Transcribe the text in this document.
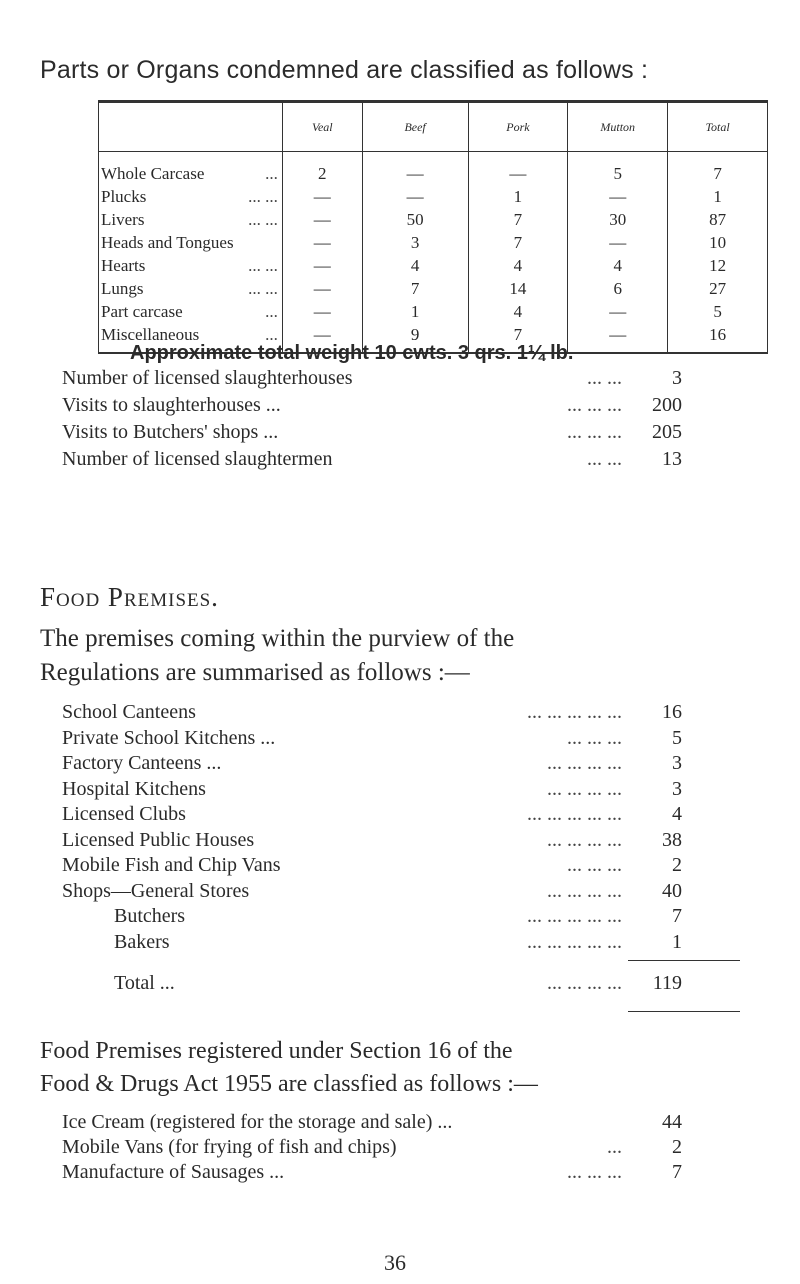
Parts or Organs condemned are classified as follows :
	Veal	Beef	Pork	Mutton	Total
Whole Carcase ...	2	—	—	5	7
Plucks ... ...	—	—	1	—	1
Livers ... ...	—	50	7	30	87
Heads and Tongues	—	3	7	—	10
Hearts ... ...	—	4	4	4	12
Lungs ... ...	—	7	14	6	27
Part carcase ...	—	1	4	—	5
Miscellaneous ...	—	9	7	—	16
Approximate total weight 10 cwts. 3 qrs. 1¼ lb.
Number of licensed slaughterhouses	... ...	3
Visits to slaughterhouses ...	... ... ... 200
Visits to Butchers' shops ...	... ... ... 205
Number of licensed slaughtermen	... ... 13
Food Premises.
The premises coming within the purview of the
Regulations are summarised as follows :—
School Canteens	... ... ... ... ... 16
Private School Kitchens ...	... ... ...	5
Factory Canteens ...	... ... ... ...	3
Hospital Kitchens	... ... ... ...	3
Licensed Clubs	... ... ... ... ...	4
Licensed Public Houses	... ... ... ... 38
Mobile Fish and Chip Vans	... ... ...	2
Shops—General Stores	... ... ... ... 40
Butchers	... ... ... ... ...	7
Bakers	... ... ... ... ...	1
Total ...	... ... ... ... 119
Food Premises registered under Section 16 of the
Food & Drugs Act 1955 are classfied as follows :—
Ice Cream (registered for the storage and sale) ...	44
Mobile Vans (for frying of fish and chips)	...	2
Manufacture of Sausages ...	... ... ...	7
36
